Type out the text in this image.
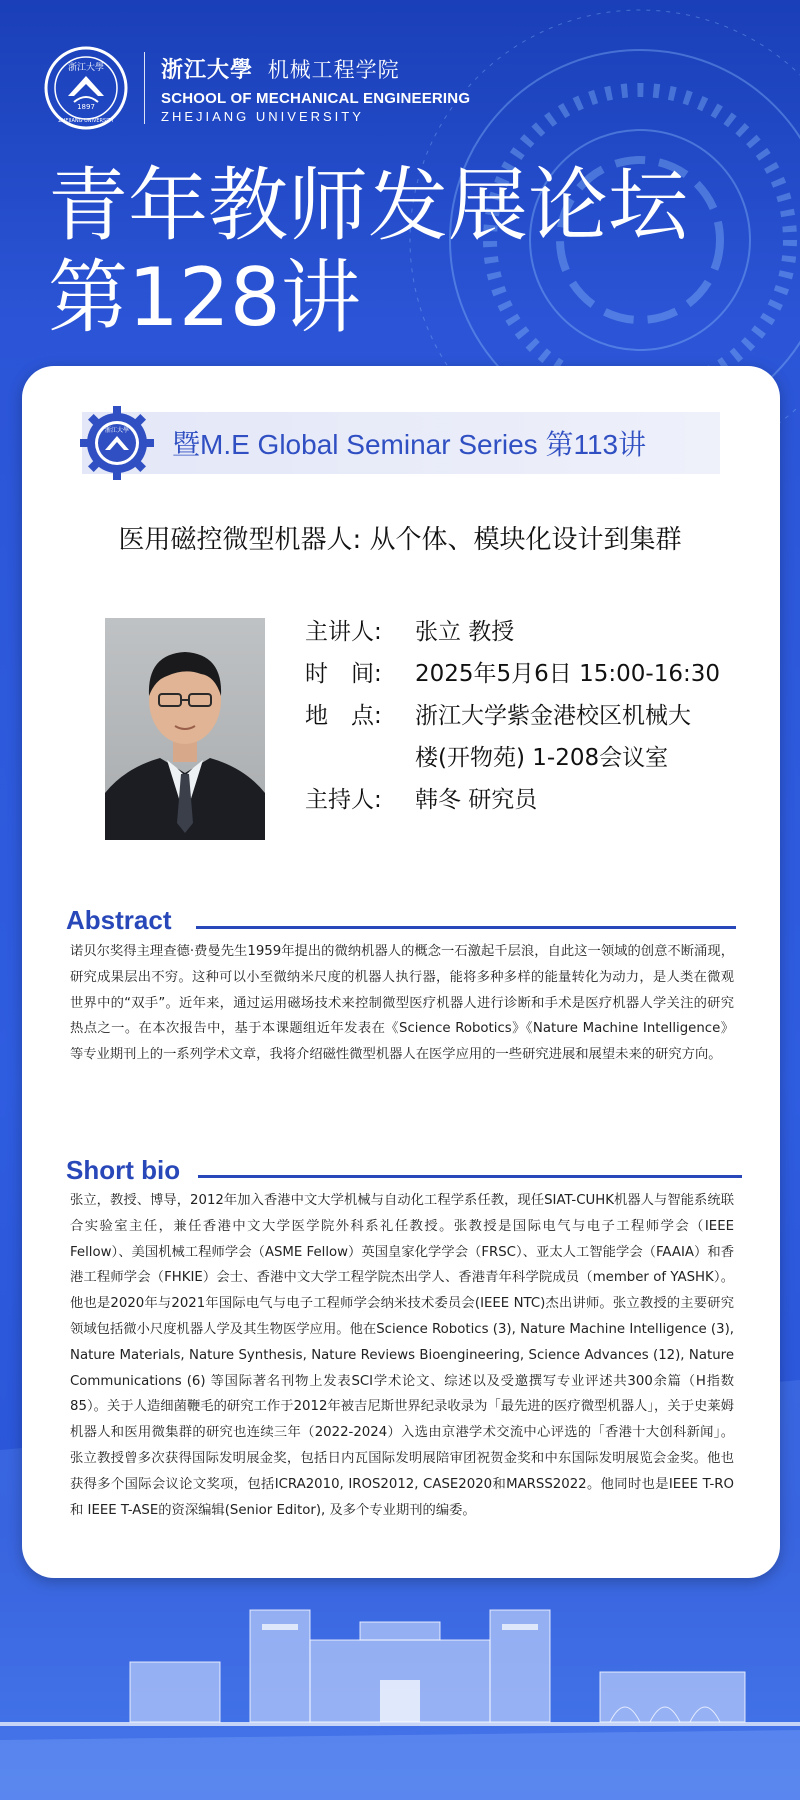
1897
浙江大學
ZHEJIANG UNIVERSITY
浙江大學 机械工程学院
SCHOOL OF MECHANICAL ENGINEERING
ZHEJIANG UNIVERSITY
青年教师发展论坛
第128讲
浙江大學 暨M.E Global Seminar Series 第113讲
医用磁控微型机器人: 从个体、模块化设计到集群
主讲人:	张立 教授
时　间:	2025年5月6日 15:00-16:30
地　点:	浙江大学紫金港校区机械大
楼(开物苑) 1-208会议室
主持人:	韩冬 研究员
Abstract
诺贝尔奖得主理查德·费曼先生1959年提出的微纳机器人的概念一石激起千层浪，自此这一领域的创意不断涌现，研究成果层出不穷。这种可以小至微纳米尺度的机器人执行器，能将多种多样的能量转化为动力，是人类在微观世界中的“双手”。近年来，通过运用磁场技术来控制微型医疗机器人进行诊断和手术是医疗机器人学关注的研究热点之一。在本次报告中，基于本课题组近年发表在《Science Robotics》《Nature Machine Intelligence》等专业期刊上的一系列学术文章，我将介绍磁性微型机器人在医学应用的一些研究进展和展望未来的研究方向。
Short bio
张立，教授、博导，2012年加入香港中文大学机械与自动化工程学系任教，现任SIAT-CUHK机器人与智能系统联合实验室主任，兼任香港中文大学医学院外科系礼任教授。张教授是国际电气与电子工程师学会（IEEE Fellow）、美国机械工程师学会（ASME Fellow）英国皇家化学学会（FRSC）、亚太人工智能学会（FAAIA）和香港工程师学会（FHKIE）会士、香港中文大学工程学院杰出学人、香港青年科学院成员（member of YASHK）。他也是2020年与2021年国际电气与电子工程师学会纳米技术委员会(IEEE NTC)杰出讲师。张立教授的主要研究领域包括微小尺度机器人学及其生物医学应用。他在Science Robotics (3), Nature Machine Intelligence (3), Nature Materials, Nature Synthesis, Nature Reviews Bioengineering, Science Advances (12), Nature Communications (6) 等国际著名刊物上发表SCI学术论文、综述以及受邀撰写专业评述共300余篇（H指数85）。关于人造细菌鞭毛的研究工作于2012年被吉尼斯世界纪录收录为「最先进的医疗微型机器人」，关于史莱姆机器人和医用微集群的研究也连续三年（2022-2024）入选由京港学术交流中心评选的「香港十大创科新闻」。张立教授曾多次获得国际发明展金奖，包括日内瓦国际发明展陪审团祝贺金奖和中东国际发明展览会金奖。他也获得多个国际会议论文奖项，包括ICRA2010, IROS2012, CASE2020和MARSS2022。他同时也是IEEE T-RO和 IEEE T-ASE的资深编辑(Senior Editor), 及多个专业期刊的编委。
